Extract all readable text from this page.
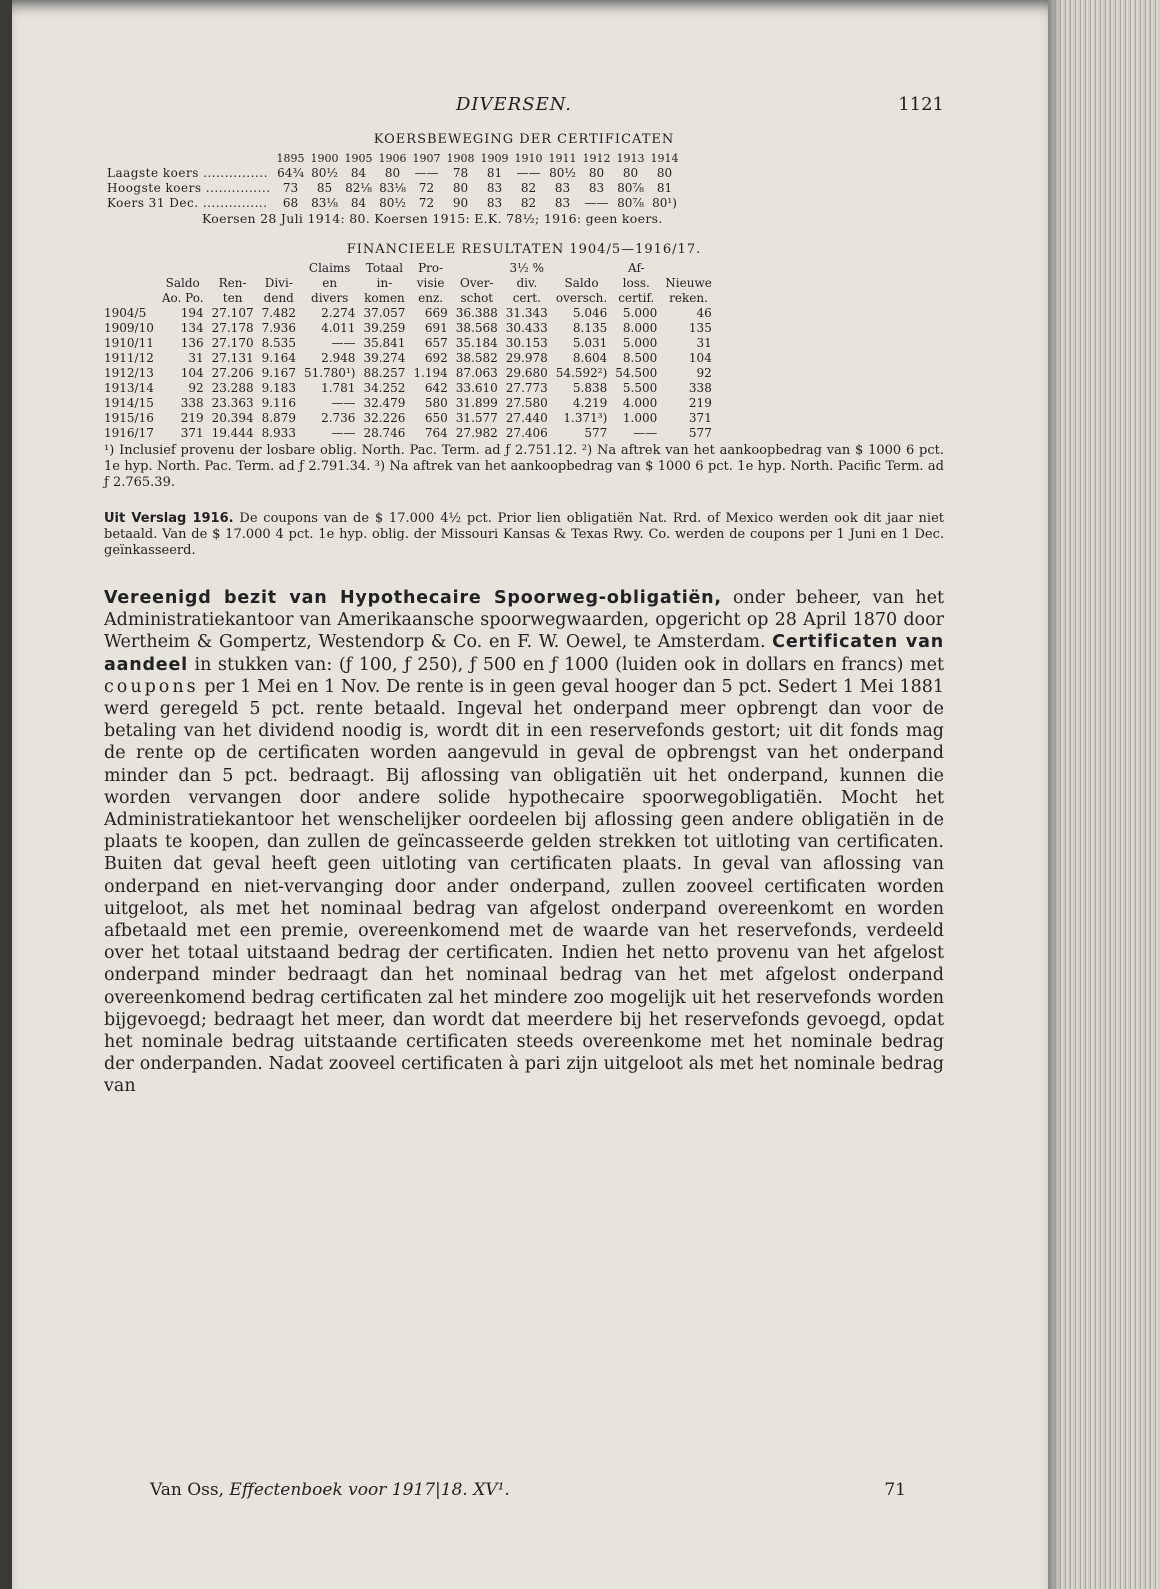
DIVERSEN.	1121
KOERSBEWEGING DER CERTIFICATEN
	1895	1900	1905	1906	1907	1908	1909	1910	1911	1912	1913	1914
Laagste koers ...............	64¾	80½	84	80	——	78	81	——	80½	80	80	80
Hoogste koers ...............	73	85	82⅛	83⅛	72	80	83	82	83	83	80⅞	81
Koers 31 Dec. ...............	68	83⅛	84	80½	72	90	83	82	83	——	80⅞	80¹)
Koersen 28 Juli 1914: 80. Koersen 1915: E.K. 78½; 1916: geen koers.
FINANCIEELE RESULTATEN 1904/5—1916/17.
				Claims	Totaal	Pro-		3½ %		Af-	
	Saldo	Ren-	Divi-	en	in-	visie	Over-	div.	Saldo	loss.	Nieuwe
	Ao. Po.	ten	dend	divers	komen	enz.	schot	cert.	oversch.	certif.	reken.
1904/5	194	27.107	7.482	2.274	37.057	669	36.388	31.343	5.046	5.000	46
1909/10	134	27.178	7.936	4.011	39.259	691	38.568	30.433	8.135	8.000	135
1910/11	136	27.170	8.535	——	35.841	657	35.184	30.153	5.031	5.000	31
1911/12	31	27.131	9.164	2.948	39.274	692	38.582	29.978	8.604	8.500	104
1912/13	104	27.206	9.167	51.780¹)	88.257	1.194	87.063	29.680	54.592²)	54.500	92
1913/14	92	23.288	9.183	1.781	34.252	642	33.610	27.773	5.838	5.500	338
1914/15	338	23.363	9.116	——	32.479	580	31.899	27.580	4.219	4.000	219
1915/16	219	20.394	8.879	2.736	32.226	650	31.577	27.440	1.371³)	1.000	371
1916/17	371	19.444	8.933	——	28.746	764	27.982	27.406	577	——	577
¹) Inclusief provenu der losbare oblig. North. Pac. Term. ad ƒ 2.751.12. ²) Na aftrek van het aankoopbedrag van $ 1000 6 pct. 1e hyp. North. Pac. Term. ad ƒ 2.791.34. ³) Na aftrek van het aankoopbedrag van $ 1000 6 pct. 1e hyp. North. Pacific Term. ad ƒ 2.765.39.
Uit Verslag 1916. De coupons van de $ 17.000 4½ pct. Prior lien obligatiën Nat. Rrd. of Mexico werden ook dit jaar niet betaald. Van de $ 17.000 4 pct. 1e hyp. oblig. der Missouri Kansas & Texas Rwy. Co. werden de coupons per 1 Juni en 1 Dec. geïnkasseerd.
Vereenigd bezit van Hypothecaire Spoorweg-obligatiën, onder beheer, van het Administratiekantoor van Amerikaansche spoorwegwaarden, opgericht op 28 April 1870 door Wertheim & Gompertz, Westendorp & Co. en F. W. Oewel, te Amsterdam. Certificaten van aandeel in stukken van: (ƒ 100, ƒ 250), ƒ 500 en ƒ 1000 (luiden ook in dollars en francs) met coupons per 1 Mei en 1 Nov. De rente is in geen geval hooger dan 5 pct. Sedert 1 Mei 1881 werd geregeld 5 pct. rente betaald. Ingeval het onderpand meer opbrengt dan voor de betaling van het dividend noodig is, wordt dit in een reservefonds gestort; uit dit fonds mag de rente op de certificaten worden aangevuld in geval de opbrengst van het onderpand minder dan 5 pct. bedraagt. Bij aflossing van obligatiën uit het onderpand, kunnen die worden vervangen door andere solide hypothecaire spoorwegobligatiën. Mocht het Administratiekantoor het wenschelijker oordeelen bij aflossing geen andere obligatiën in de plaats te koopen, dan zullen de geïncasseerde gelden strekken tot uitloting van certificaten. Buiten dat geval heeft geen uitloting van certificaten plaats. In geval van aflossing van onderpand en niet-vervanging door ander onderpand, zullen zooveel certificaten worden uitgeloot, als met het nominaal bedrag van afgelost onderpand overeenkomt en worden afbetaald met een premie, overeenkomend met de waarde van het reservefonds, verdeeld over het totaal uitstaand bedrag der certificaten. Indien het netto provenu van het afgelost onderpand minder bedraagt dan het nominaal bedrag van het met afgelost onderpand overeenkomend bedrag certificaten zal het mindere zoo mogelijk uit het reservefonds worden bijgevoegd; bedraagt het meer, dan wordt dat meerdere bij het reservefonds gevoegd, opdat het nominale bedrag uitstaande certificaten steeds overeenkome met het nominale bedrag der onderpanden. Nadat zooveel certificaten à pari zijn uitgeloot als met het nominale bedrag van
Van Oss, Effectenboek voor 1917|18. XV¹.	71
